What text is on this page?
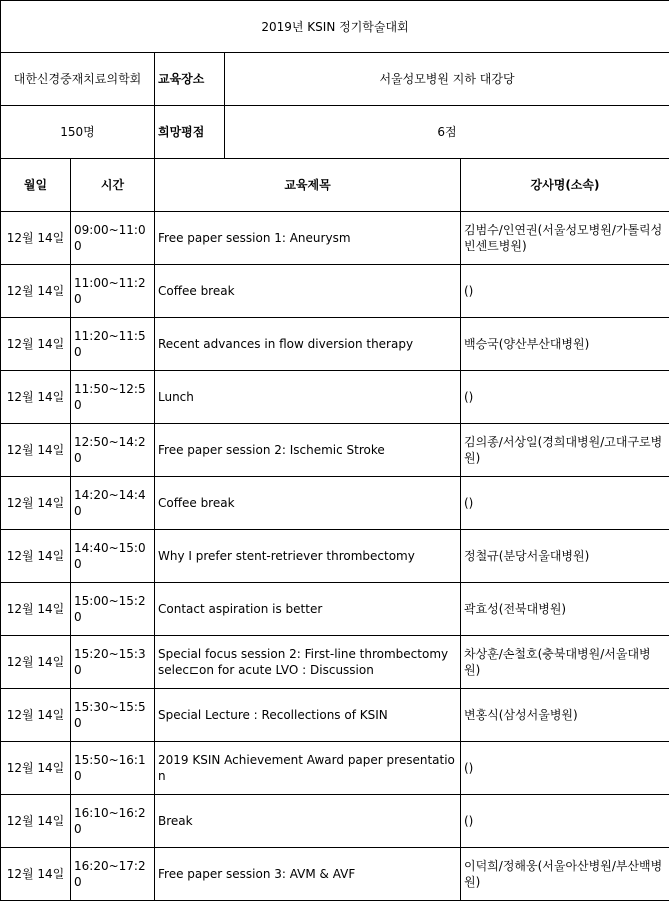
2019년 KSIN 정기학술대회				
대한신경중재치료의학회		교육장소	서울성모병원 지하 대강당	
150명		희망평점	6점	
월일	시간	교육제목		강사명(소속)
12월 14일	09:00~11:00	Free paper session 1: Aneurysm		김범수/인연권(서울성모병원/가톨릭성빈센트병원)
12월 14일	11:00~11:20	Coffee break		()
12월 14일	11:20~11:50	Recent advances in flow diversion therapy		백승국(양산부산대병원)
12월 14일	11:50~12:50	Lunch		()
12월 14일	12:50~14:20	Free paper session 2: Ischemic Stroke		김의종/서상일(경희대병원/고대구로병원)
12월 14일	14:20~14:40	Coffee break		()
12월 14일	14:40~15:00	Why I prefer stent-retriever thrombectomy		정철규(분당서울대병원)
12월 14일	15:00~15:20	Contact aspiration is better		곽효성(전북대병원)
12월 14일	15:20~15:30	Special focus session 2: First-line thrombectomy selec⊏on for acute LVO : Discussion		차상훈/손철호(충북대병원/서울대병원)
12월 14일	15:30~15:50	Special Lecture : Recollections of KSIN		변홍식(삼성서울병원)
12월 14일	15:50~16:10	2019 KSIN Achievement Award paper presentation		()
12월 14일	16:10~16:20	Break		()
12월 14일	16:20~17:20	Free paper session 3: AVM & AVF		이덕희/정해웅(서울아산병원/부산백병원)
